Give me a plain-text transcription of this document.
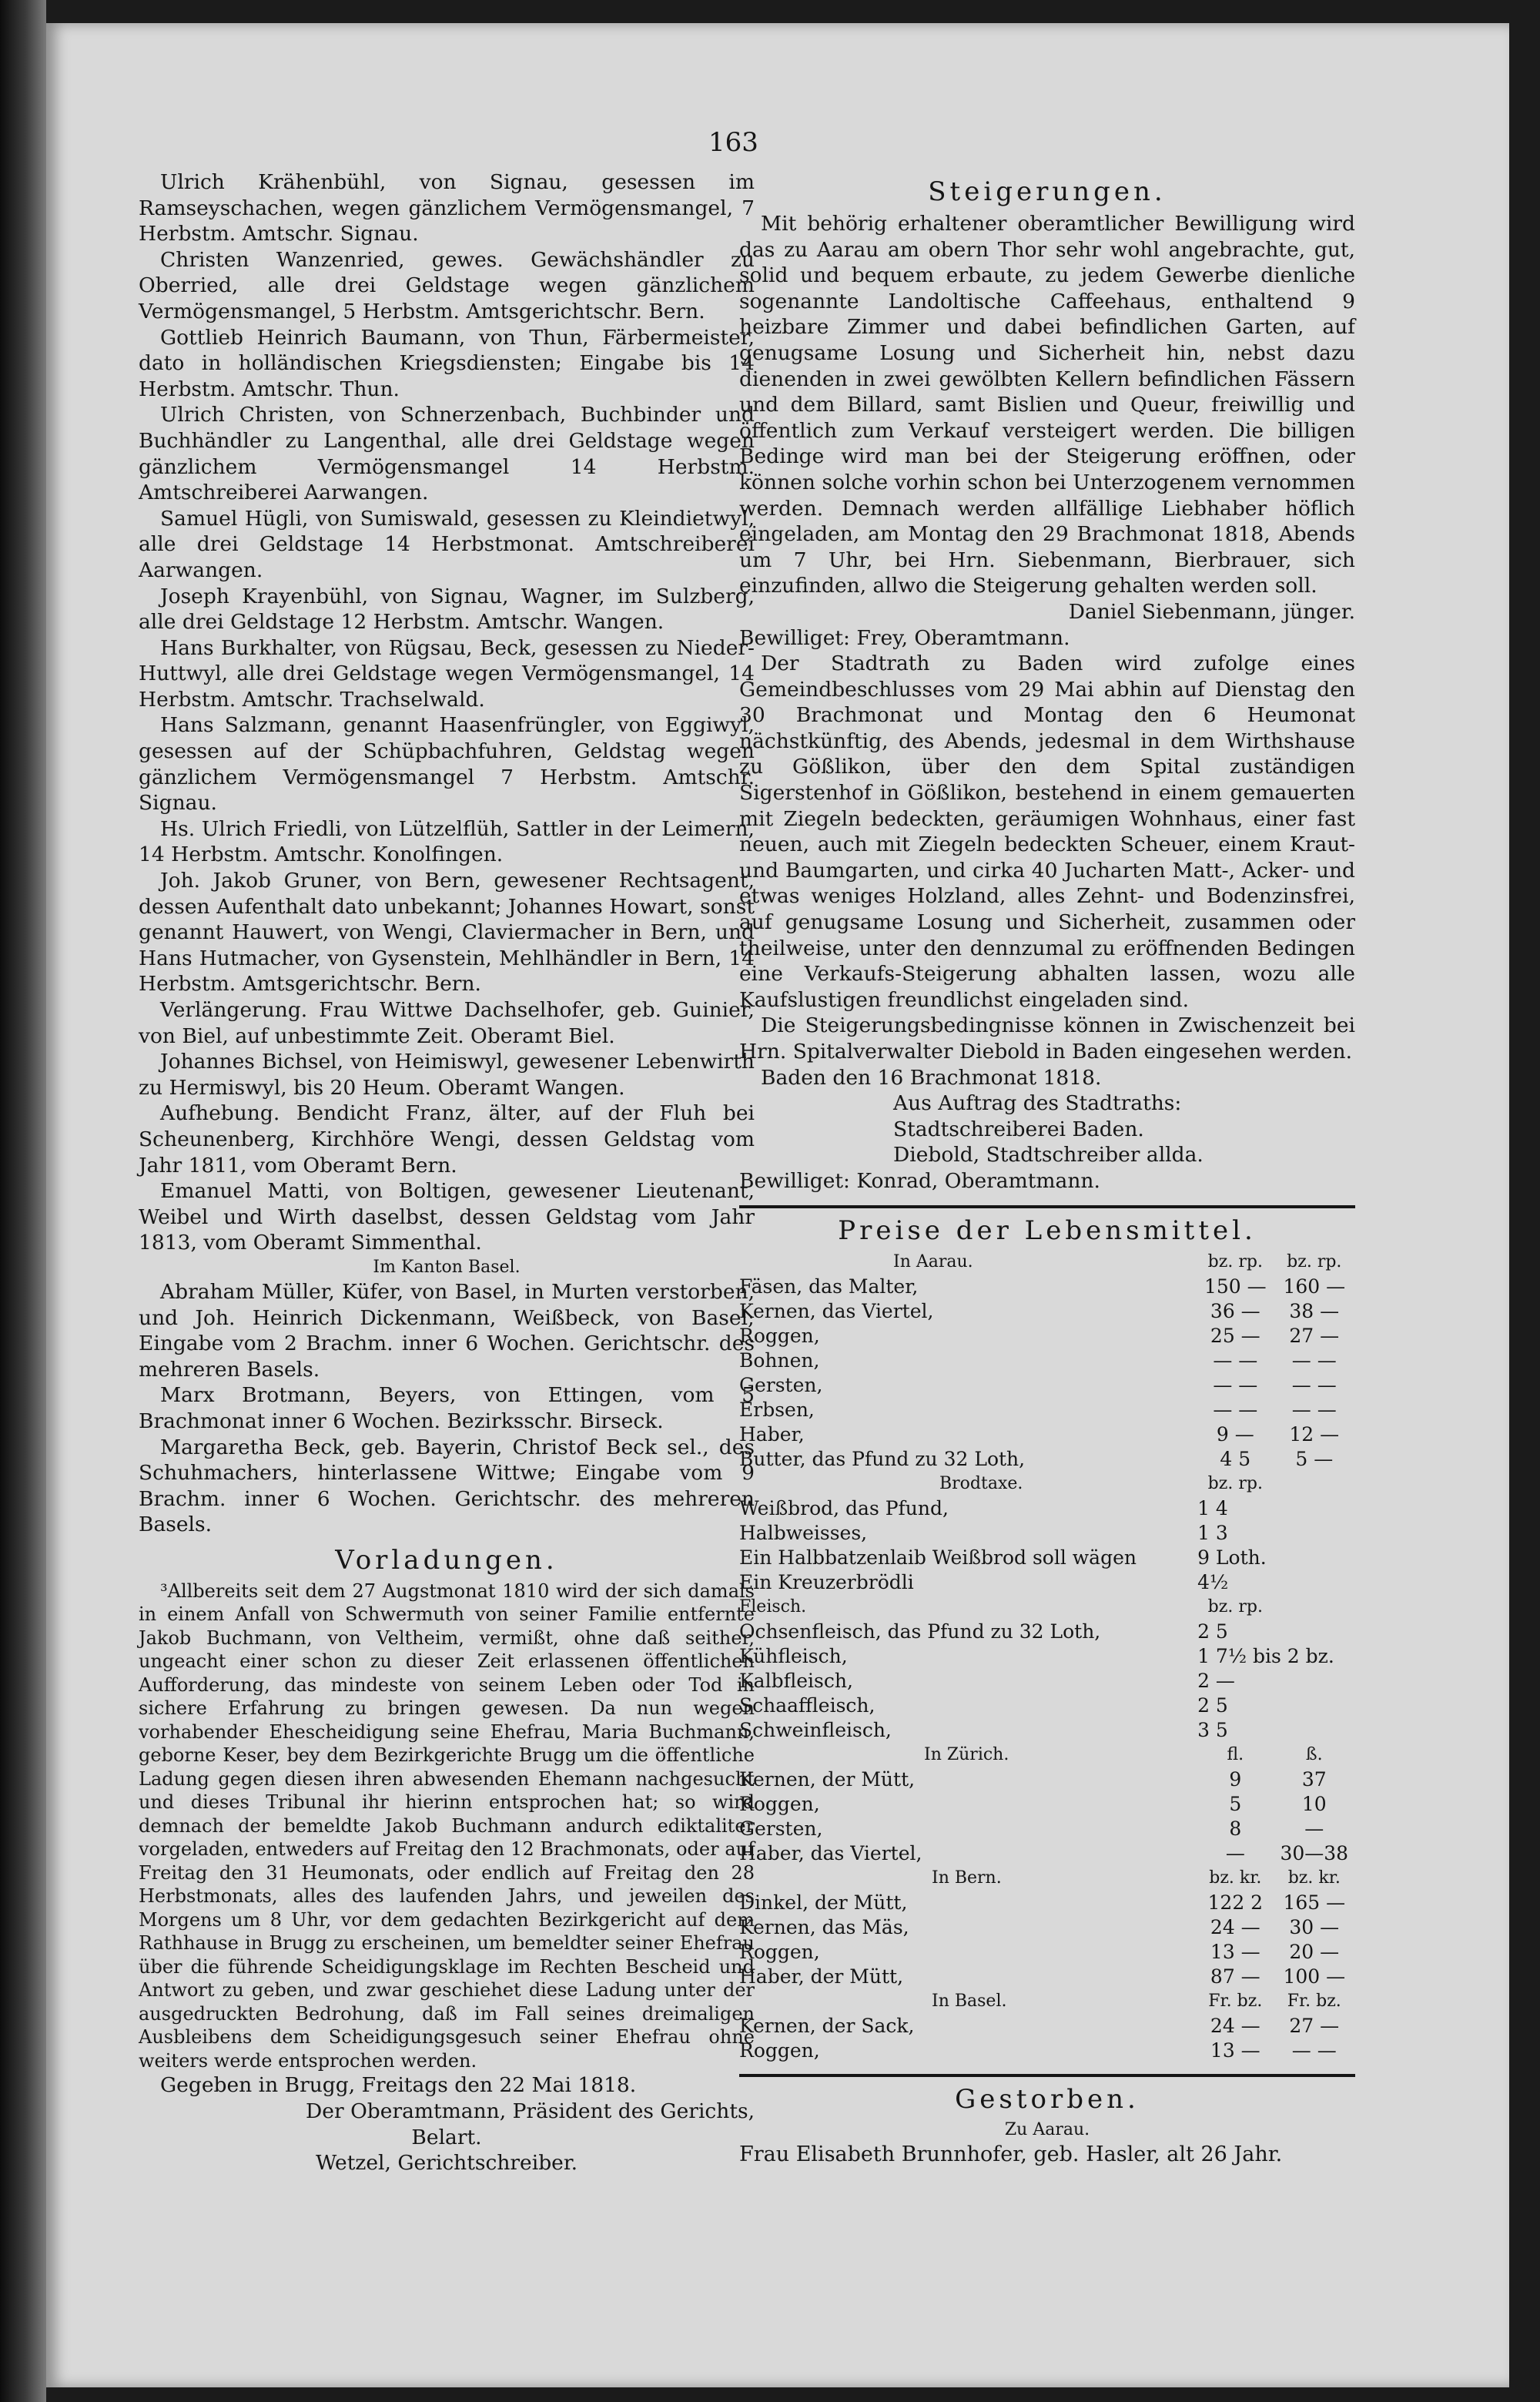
163

Ulrich Krähenbühl, von Signau, gesessen im Ramseyschachen, wegen gänzlichem Vermögensmangel, 7 Herbstm. Amtschr. Signau.

Christen Wanzenried, gewes. Gewächshändler zu Oberried, alle drei Geldstage wegen gänzlichem Vermögensmangel, 5 Herbstm. Amtsgerichtschr. Bern.

Gottlieb Heinrich Baumann, von Thun, Färbermeister, dato in holländischen Kriegsdiensten; Eingabe bis 14 Herbstm. Amtschr. Thun.

Ulrich Christen, von Schnerzenbach, Buchbinder und Buchhändler zu Langenthal, alle drei Geldstage wegen gänzlichem Vermögensmangel 14 Herbstm. Amtschreiberei Aarwangen.

Samuel Hügli, von Sumiswald, gesessen zu Kleindietwyl, alle drei Geldstage 14 Herbstmonat. Amtschreiberei Aarwangen.

Joseph Krayenbühl, von Signau, Wagner, im Sulzberg, alle drei Geldstage 12 Herbstm. Amtschr. Wangen.

Hans Burkhalter, von Rügsau, Beck, gesessen zu Nieder-Huttwyl, alle drei Geldstage wegen Vermögensmangel, 14 Herbstm. Amtschr. Trachselwald.

Hans Salzmann, genannt Haasenfrüngler, von Eggiwyl, gesessen auf der Schüpbachfuhren, Geldstag wegen gänzlichem Vermögensmangel 7 Herbstm. Amtschr. Signau.

Hs. Ulrich Friedli, von Lützelflüh, Sattler in der Leimern, 14 Herbstm. Amtschr. Konolfingen.

Joh. Jakob Gruner, von Bern, gewesener Rechtsagent, dessen Aufenthalt dato unbekannt; Johannes Howart, sonst genannt Hauwert, von Wengi, Claviermacher in Bern, und Hans Hutmacher, von Gysenstein, Mehlhändler in Bern, 14 Herbstm. Amtsgerichtschr. Bern.

Verlängerung. Frau Wittwe Dachselhofer, geb. Guinier, von Biel, auf unbestimmte Zeit. Oberamt Biel.

Johannes Bichsel, von Heimiswyl, gewesener Lebenwirth zu Hermiswyl, bis 20 Heum. Oberamt Wangen.

Aufhebung. Bendicht Franz, älter, auf der Fluh bei Scheunenberg, Kirchhöre Wengi, dessen Geldstag vom Jahr 1811, vom Oberamt Bern.

Emanuel Matti, von Boltigen, gewesener Lieutenant, Weibel und Wirth daselbst, dessen Geldstag vom Jahr 1813, vom Oberamt Simmenthal.

Im Kanton Basel.

Abraham Müller, Küfer, von Basel, in Murten verstorben, und Joh. Heinrich Dickenmann, Weißbeck, von Basel; Eingabe vom 2 Brachm. inner 6 Wochen. Gerichtschr. des mehreren Basels.

Marx Brotmann, Beyers, von Ettingen, vom 5 Brachmonat inner 6 Wochen. Bezirksschr. Birseck.

Margaretha Beck, geb. Bayerin, Christof Beck sel., des Schuhmachers, hinterlassene Wittwe; Eingabe vom 9 Brachm. inner 6 Wochen. Gerichtschr. des mehreren Basels.

Vorladungen.

³Allbereits seit dem 27 Augstmonat 1810 wird der sich damals in einem Anfall von Schwermuth von seiner Familie entfernte Jakob Buchmann, von Veltheim, vermißt, ohne daß seither, ungeacht einer schon zu dieser Zeit erlassenen öffentlichen Aufforderung, das mindeste von seinem Leben oder Tod in sichere Erfahrung zu bringen gewesen. Da nun wegen vorhabender Ehescheidigung seine Ehefrau, Maria Buchmann, geborne Keser, bey dem Bezirkgerichte Brugg um die öffentliche Ladung gegen diesen ihren abwesenden Ehemann nachgesucht und dieses Tribunal ihr hierinn entsprochen hat; so wird demnach der bemeldte Jakob Buchmann andurch ediktaliter vorgeladen, entweders auf Freitag den 12 Brachmonats, oder auf Freitag den 31 Heumonats, oder endlich auf Freitag den 28 Herbstmonats, alles des laufenden Jahrs, und jeweilen des Morgens um 8 Uhr, vor dem gedachten Bezirkgericht auf dem Rathhause in Brugg zu erscheinen, um bemeldter seiner Ehefrau über die führende Scheidigungsklage im Rechten Bescheid und Antwort zu geben, und zwar geschiehet diese Ladung unter der ausgedruckten Bedrohung, daß im Fall seines dreimaligen Ausbleibens dem Scheidigungsgesuch seiner Ehefrau ohne weiters werde entsprochen werden.

Gegeben in Brugg, Freitags den 22 Mai 1818.

Der Oberamtmann, Präsident des Gerichts,

Belart.

Wetzel, Gerichtschreiber.

Steigerungen.

Mit behörig erhaltener oberamtlicher Bewilligung wird das zu Aarau am obern Thor sehr wohl angebrachte, gut, solid und bequem erbaute, zu jedem Gewerbe dienliche sogenannte Landoltische Caffeehaus, enthaltend 9 heizbare Zimmer und dabei befindlichen Garten, auf genugsame Losung und Sicherheit hin, nebst dazu dienenden in zwei gewölbten Kellern befindlichen Fässern und dem Billard, samt Bislien und Queur, freiwillig und öffentlich zum Verkauf versteigert werden. Die billigen Bedinge wird man bei der Steigerung eröffnen, oder können solche vorhin schon bei Unterzogenem vernommen werden. Demnach werden allfällige Liebhaber höflich eingeladen, am Montag den 29 Brachmonat 1818, Abends um 7 Uhr, bei Hrn. Siebenmann, Bierbrauer, sich einzufinden, allwo die Steigerung gehalten werden soll.

Daniel Siebenmann, jünger.

Bewilliget: Frey, Oberamtmann.

Der Stadtrath zu Baden wird zufolge eines Gemeindbeschlusses vom 29 Mai abhin auf Dienstag den 30 Brachmonat und Montag den 6 Heumonat nächstkünftig, des Abends, jedesmal in dem Wirthshause zu Gößlikon, über den dem Spital zuständigen Sigerstenhof in Gößlikon, bestehend in einem gemauerten mit Ziegeln bedeckten, geräumigen Wohnhaus, einer fast neuen, auch mit Ziegeln bedeckten Scheuer, einem Kraut- und Baumgarten, und cirka 40 Jucharten Matt-, Acker- und etwas weniges Holzland, alles Zehnt- und Bodenzinsfrei, auf genugsame Losung und Sicherheit, zusammen oder theilweise, unter den dennzumal zu eröffnenden Bedingen eine Verkaufs-Steigerung abhalten lassen, wozu alle Kaufslustigen freundlichst eingeladen sind.

Die Steigerungsbedingnisse können in Zwischenzeit bei Hrn. Spitalverwalter Diebold in Baden eingesehen werden.

Baden den 16 Brachmonat 1818.

Aus Auftrag des Stadtraths:

Stadtschreiberei Baden.

Diebold, Stadtschreiber allda.

Bewilliget: Konrad, Oberamtmann.

Preise der Lebensmittel.
In Aarau.	bz. rp.	bz. rp.
Fäsen, das Malter,	150 —	160 —
Kernen, das Viertel,	36 —	38 —
Roggen,	25 —	27 —
Bohnen,	— —	— —
Gersten,	— —	— —
Erbsen,	— —	— —
Haber,	9 —	12 —
Butter, das Pfund zu 32 Loth,	4 5	5 —
Brodtaxe.	bz. rp.	
Weißbrod, das Pfund,	1 4	
Halbweisses,	1 3	
Ein Halbbatzenlaib Weißbrod soll wägen	9 Loth.	
Ein Kreuzerbrödli	4½	
Fleisch.	bz. rp.	
Ochsenfleisch, das Pfund zu 32 Loth,	2 5	
Kühfleisch,	1 7½ bis 2 bz.	
Kalbfleisch,	2 —	
Schaaffleisch,	2 5	
Schweinfleisch,	3 5	
In Zürich.	fl.	ß.
Kernen, der Mütt,	9	37
Roggen,	5	10
Gersten,	8	—
Haber, das Viertel,	—	30—38
In Bern.	bz. kr.	bz. kr.
Dinkel, der Mütt,	122 2	165 —
Kernen, das Mäs,	24 —	30 —
Roggen,	13 —	20 —
Haber, der Mütt,	87 —	100 —
In Basel.	Fr. bz.	Fr. bz.
Kernen, der Sack,	24 —	27 —
Roggen,	13 —	— —
Gestorben.

Zu Aarau.

Frau Elisabeth Brunnhofer, geb. Hasler, alt 26 Jahr.
